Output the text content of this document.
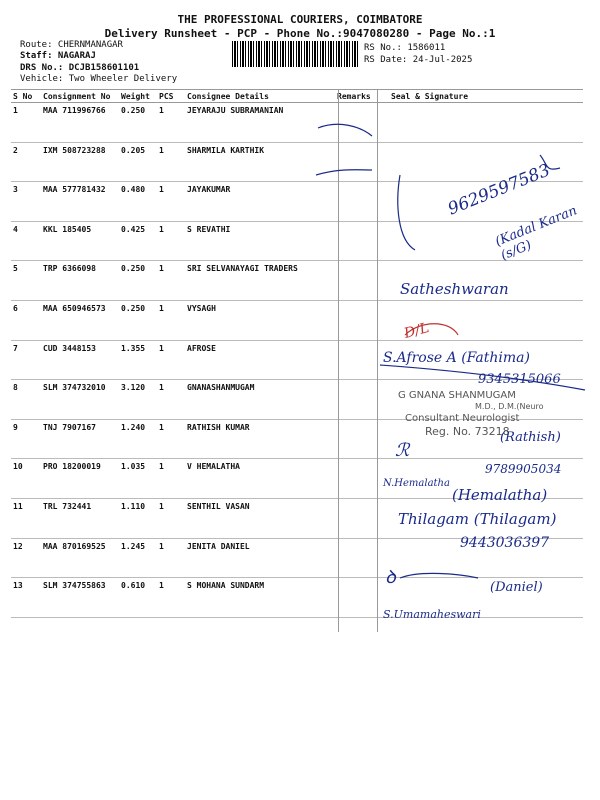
THE PROFESSIONAL COURIERS, COIMBATORE
Delivery Runsheet - PCP - Phone No.:9047080280 - Page No.:1
Route: CHERNMANAGAR
Staff: NAGARAJ
DRS No.: DCJB158601101
Vehicle: Two Wheeler Delivery
RS No.: 1586011
RS Date: 24-Jul-2025
S No	Consignment No	Weight	PCS	Consignee Details	Remarks	Seal & Signature
1	MAA 711996766	0.250	1	JEYARAJU SUBRAMANIAN		
2	IXM 508723288	0.205	1	SHARMILA KARTHIK		
3	MAA 577781432	0.480	1	JAYAKUMAR		
4	KKL 185405	0.425	1	S REVATHI		
5	TRP 6366098	0.250	1	SRI SELVANAYAGI TRADERS		
6	MAA 650946573	0.250	1	VYSAGH		
7	CUD 3448153	1.355	1	AFROSE		
8	SLM 374732010	3.120	1	GNANASHANMUGAM		
9	TNJ 7907167	1.240	1	RATHISH KUMAR		
10	PRO 18200019	1.035	1	V HEMALATHA		
11	TRL 732441	1.110	1	SENTHIL VASAN		
12	MAA 870169525	1.245	1	JENITA DANIEL		
13	SLM 374755863	0.610	1	S MOHANA SUNDARM		
9629597583
(Kadal Karan (s/G)
Satheshwaran
D/L
S.Afrose A (Fathima)
9345315066
G GNANA SHANMUGAM
M.D., D.M.(Neuro
Consultant Neurologist
Reg. No. 73218
ℛ
(Rathish)
9789905034
N.Hemalatha
(Hemalatha)
Thilagam (Thilagam)
9443036397
ꝺ	(Daniel)
S.Umamaheswari
